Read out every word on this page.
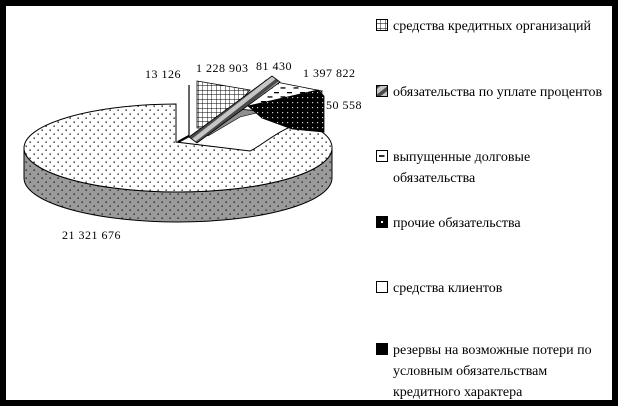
13 126 1 228 903 81 430 1 397 822
50 558
21 321 676
средства кредитных организаций
обязательства по уплате процентов
выпущенные долговые обязательства
прочие обязательства
средства клиентов
резервы на возможные потери по условным обязательствам кредитного характера
